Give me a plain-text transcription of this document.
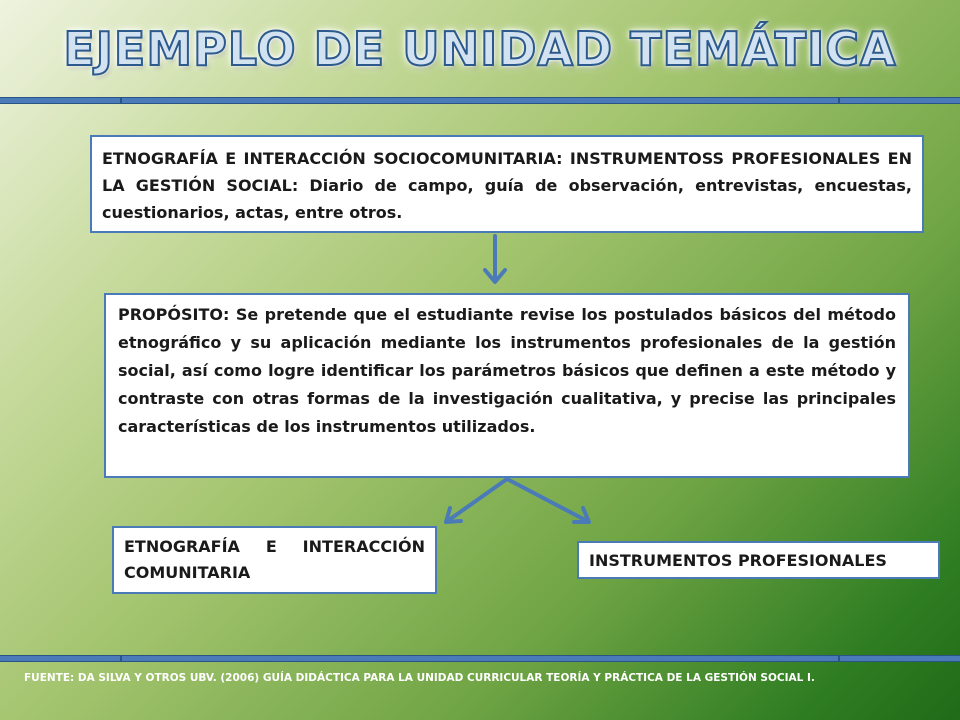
EJEMPLO DE UNIDAD TEMÁTICA
ETNOGRAFÍA E INTERACCIÓN SOCIOCOMUNITARIA: INSTRUMENTOSS PROFESIONALES EN LA GESTIÓN SOCIAL: Diario de campo, guía de observación, entrevistas, encuestas, cuestionarios, actas, entre otros.
PROPÓSITO: Se pretende que el estudiante revise los postulados básicos del método etnográfico y su aplicación mediante los instrumentos profesionales de la gestión social, así como logre identificar los parámetros básicos que definen a este método y contraste con otras formas de la investigación cualitativa, y precise las principales características de los instrumentos utilizados.
ETNOGRAFÍA E INTERACCIÓN COMUNITARIA
INSTRUMENTOS PROFESIONALES
FUENTE: DA SILVA Y OTROS UBV. (2006) GUÍA DIDÁCTICA PARA LA UNIDAD CURRICULAR TEORÍA Y PRÁCTICA DE LA GESTIÓN SOCIAL I.
